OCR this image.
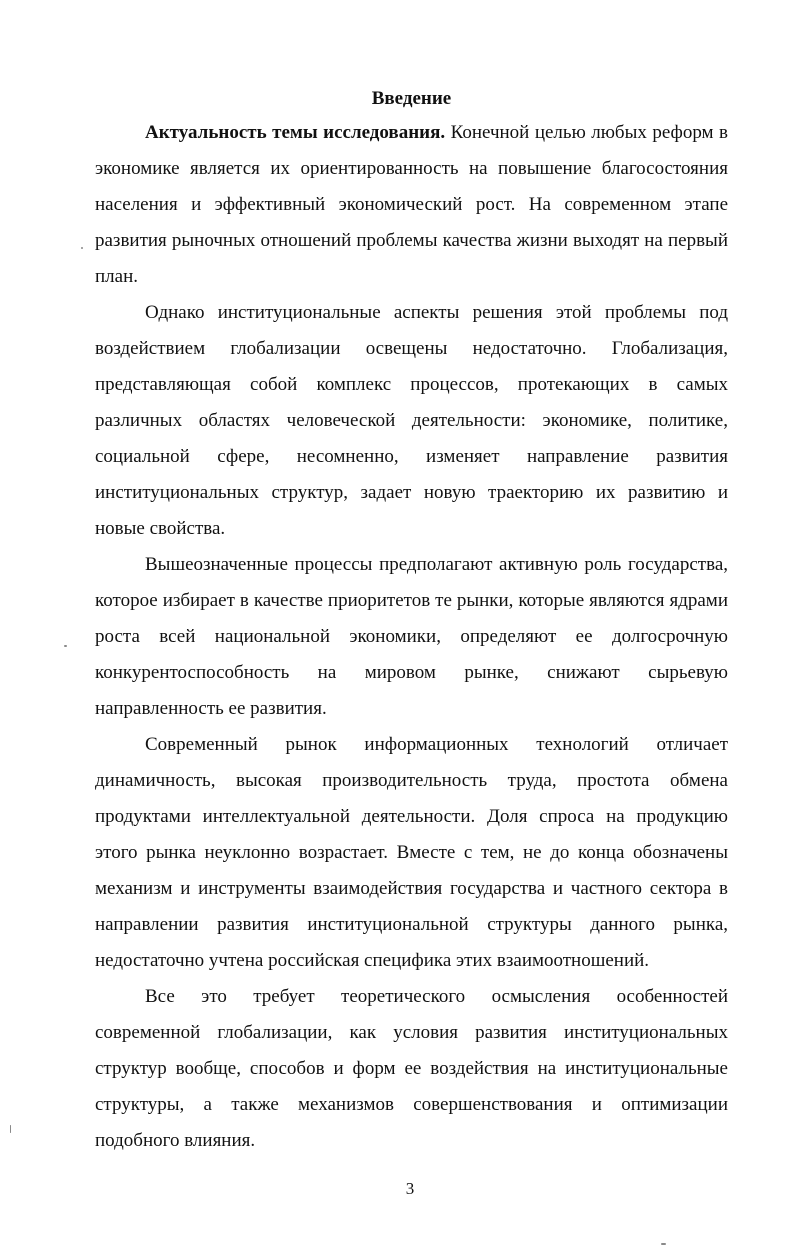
Введение

Актуальность темы исследования. Конечной целью любых реформ в экономике является их ориентированность на повышение благосостояния населения и эффективный экономический рост. На современном этапе развития рыночных отношений проблемы качества жизни выходят на первый план.

Однако институциональные аспекты решения этой проблемы под воздействием глобализации освещены недостаточно. Глобализация, представляющая собой комплекс процессов, протекающих в самых различных областях человеческой деятельности: экономике, политике, социальной сфере, несомненно, изменяет направление развития институциональных структур, задает новую траекторию их развитию и новые свойства.

Вышеозначенные процессы предполагают активную роль государства, которое избирает в качестве приоритетов те рынки, которые являются ядрами роста всей национальной экономики, определяют ее долгосрочную конкурентоспособность на мировом рынке, снижают сырьевую направленность ее развития.

Современный рынок информационных технологий отличает динамичность, высокая производительность труда, простота обмена продуктами интеллектуальной деятельности. Доля спроса на продукцию этого рынка неуклонно возрастает. Вместе с тем, не до конца обозначены механизм и инструменты взаимодействия государства и частного сектора в направлении развития институциональной структуры данного рынка, недостаточно учтена российская специфика этих взаимоотношений.

Все это требует теоретического осмысления особенностей современной глобализации, как условия развития институциональных структур вообще, способов и форм ее воздействия на институциональные структуры, а также механизмов совершенствования и оптимизации подобного влияния.

3
